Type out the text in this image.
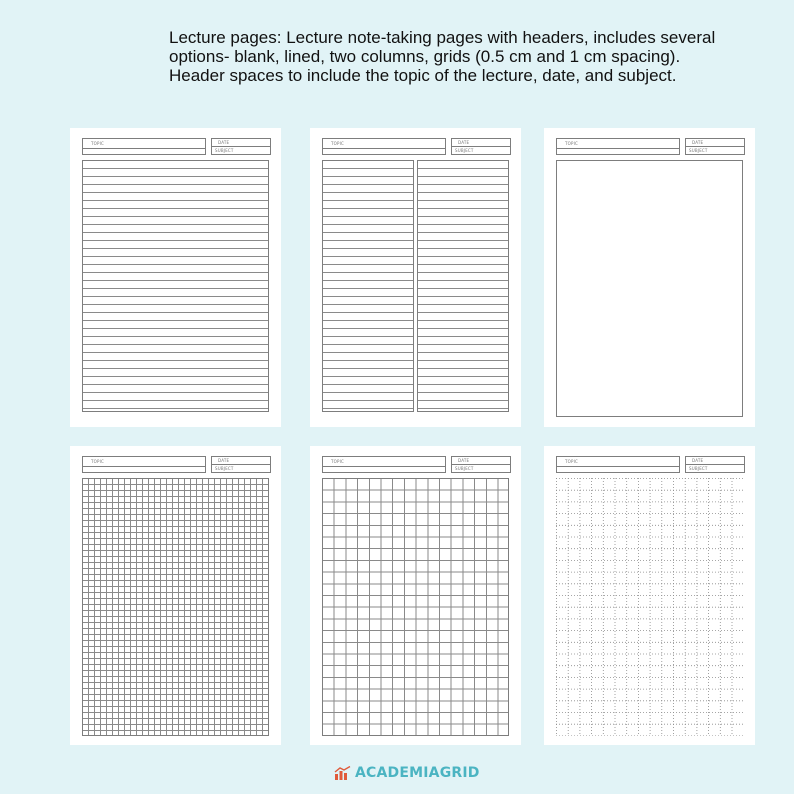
Lecture pages: Lecture note-taking pages with headers, includes several options- blank, lined, two columns, grids (0.5 cm and 1 cm spacing). Header spaces to include the topic of the lecture, date, and subject.
TOPIC	DATE
SUBJECT
TOPIC	DATE
SUBJECT
TOPIC	DATE
SUBJECT
TOPIC	DATE
SUBJECT
TOPIC	DATE
SUBJECT
TOPIC	DATE
SUBJECT
ACADEMIAGRID
